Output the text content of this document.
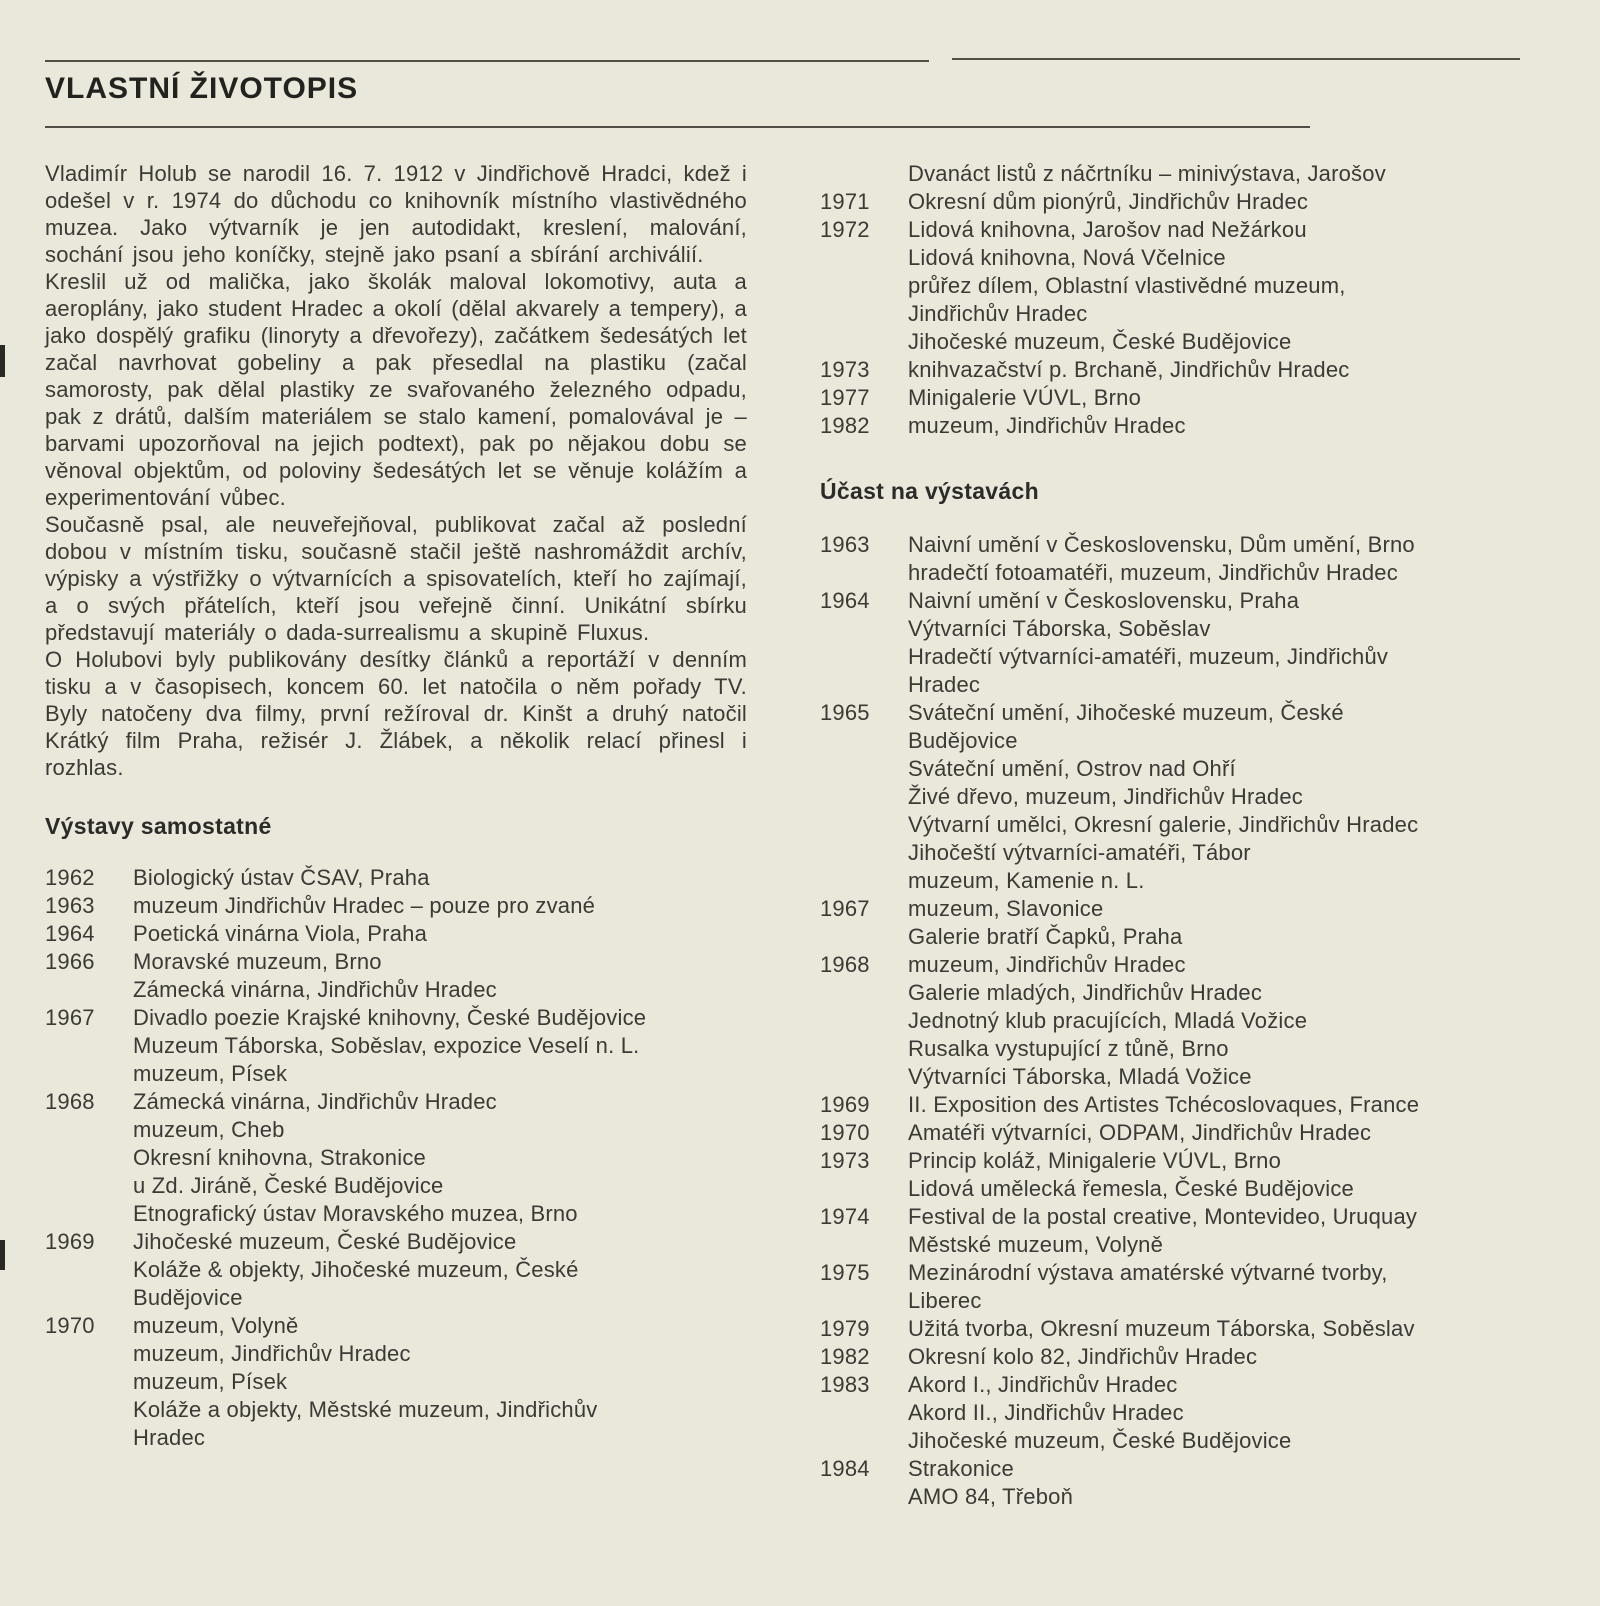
VLASTNÍ ŽIVOTOPIS

Vladimír Holub se narodil 16. 7. 1912 v Jindřichově Hradci, kdež i odešel v r. 1974 do důchodu co knihovník místního vlastivědného muzea. Jako výtvarník je jen autodidakt, kreslení, malování, sochání jsou jeho koníčky, stejně jako psaní a sbírání archiválií.

Kreslil už od malička, jako školák maloval lokomotivy, auta a aeroplány, jako student Hradec a okolí (dělal akvarely a tempery), a jako dospělý grafiku (linoryty a dřevořezy), začátkem šedesátých let začal navrhovat gobeliny a pak přesedlal na plastiku (začal samorosty, pak dělal plastiky ze svařovaného železného odpadu, pak z drátů, dalším materiálem se stalo kamení, pomalovával je – barvami upozorňoval na jejich podtext), pak po nějakou dobu se věnoval objektům, od poloviny šedesátých let se věnuje kolážím a experimentování vůbec.

Současně psal, ale neuveřejňoval, publikovat začal až poslední dobou v místním tisku, současně stačil ještě nashromáždit archív, výpisky a výstřižky o výtvarnících a spisovatelích, kteří ho zajímají, a o svých přátelích, kteří jsou veřejně činní. Unikátní sbírku představují materiály o dada-surrealismu a skupině Fluxus.

O Holubovi byly publikovány desítky článků a reportáží v denním tisku a v časopisech, koncem 60. let natočila o něm pořady TV. Byly natočeny dva filmy, první režíroval dr. Kinšt a druhý natočil Krátký film Praha, režisér J. Žlábek, a několik relací přinesl i rozhlas.

Výstavy samostatné
1962	Biologický ústav ČSAV, Praha
1963	muzeum Jindřichův Hradec – pouze pro zvané
1964	Poetická vinárna Viola, Praha
1966	Moravské muzeum, Brno
Zámecká vinárna, Jindřichův Hradec
1967	Divadlo poezie Krajské knihovny, České Budějovice
Muzeum Táborska, Soběslav, expozice Veselí n. L.
muzeum, Písek
1968	Zámecká vinárna, Jindřichův Hradec
muzeum, Cheb
Okresní knihovna, Strakonice
u Zd. Jiráně, České Budějovice
Etnografický ústav Moravského muzea, Brno
1969	Jihočeské muzeum, České Budějovice
Koláže & objekty, Jihočeské muzeum, České
Budějovice
1970	muzeum, Volyně
muzeum, Jindřichův Hradec
muzeum, Písek
Koláže a objekty, Městské muzeum, Jindřichův
Hradec
Dvanáct listů z náčrtníku – minivýstava, Jarošov
1971	Okresní dům pionýrů, Jindřichův Hradec
1972	Lidová knihovna, Jarošov nad Nežárkou
Lidová knihovna, Nová Včelnice
průřez dílem, Oblastní vlastivědné muzeum,
Jindřichův Hradec
Jihočeské muzeum, České Budějovice
1973	knihvazačství p. Brchaně, Jindřichův Hradec
1977	Minigalerie VÚVL, Brno
1982	muzeum, Jindřichův Hradec
Účast na výstavách
1963	Naivní umění v Československu, Dům umění, Brno
hradečtí fotoamatéři, muzeum, Jindřichův Hradec
1964	Naivní umění v Československu, Praha
Výtvarníci Táborska, Soběslav
Hradečtí výtvarníci-amatéři, muzeum, Jindřichův
Hradec
1965	Sváteční umění, Jihočeské muzeum, České
Budějovice
Sváteční umění, Ostrov nad Ohří
Živé dřevo, muzeum, Jindřichův Hradec
Výtvarní umělci, Okresní galerie, Jindřichův Hradec
Jihočeští výtvarníci-amatéři, Tábor
muzeum, Kamenie n. L.
1967	muzeum, Slavonice
Galerie bratří Čapků, Praha
1968	muzeum, Jindřichův Hradec
Galerie mladých, Jindřichův Hradec
Jednotný klub pracujících, Mladá Vožice
Rusalka vystupující z tůně, Brno
Výtvarníci Táborska, Mladá Vožice
1969	II. Exposition des Artistes Tchécoslovaques, France
1970	Amatéři výtvarníci, ODPAM, Jindřichův Hradec
1973	Princip koláž, Minigalerie VÚVL, Brno
Lidová umělecká řemesla, České Budějovice
1974	Festival de la postal creative, Montevideo, Uruquay
Městské muzeum, Volyně
1975	Mezinárodní výstava amatérské výtvarné tvorby,
Liberec
1979	Užitá tvorba, Okresní muzeum Táborska, Soběslav
1982	Okresní kolo 82, Jindřichův Hradec
1983	Akord I., Jindřichův Hradec
Akord II., Jindřichův Hradec
Jihočeské muzeum, České Budějovice
1984	Strakonice
AMO 84, Třeboň
